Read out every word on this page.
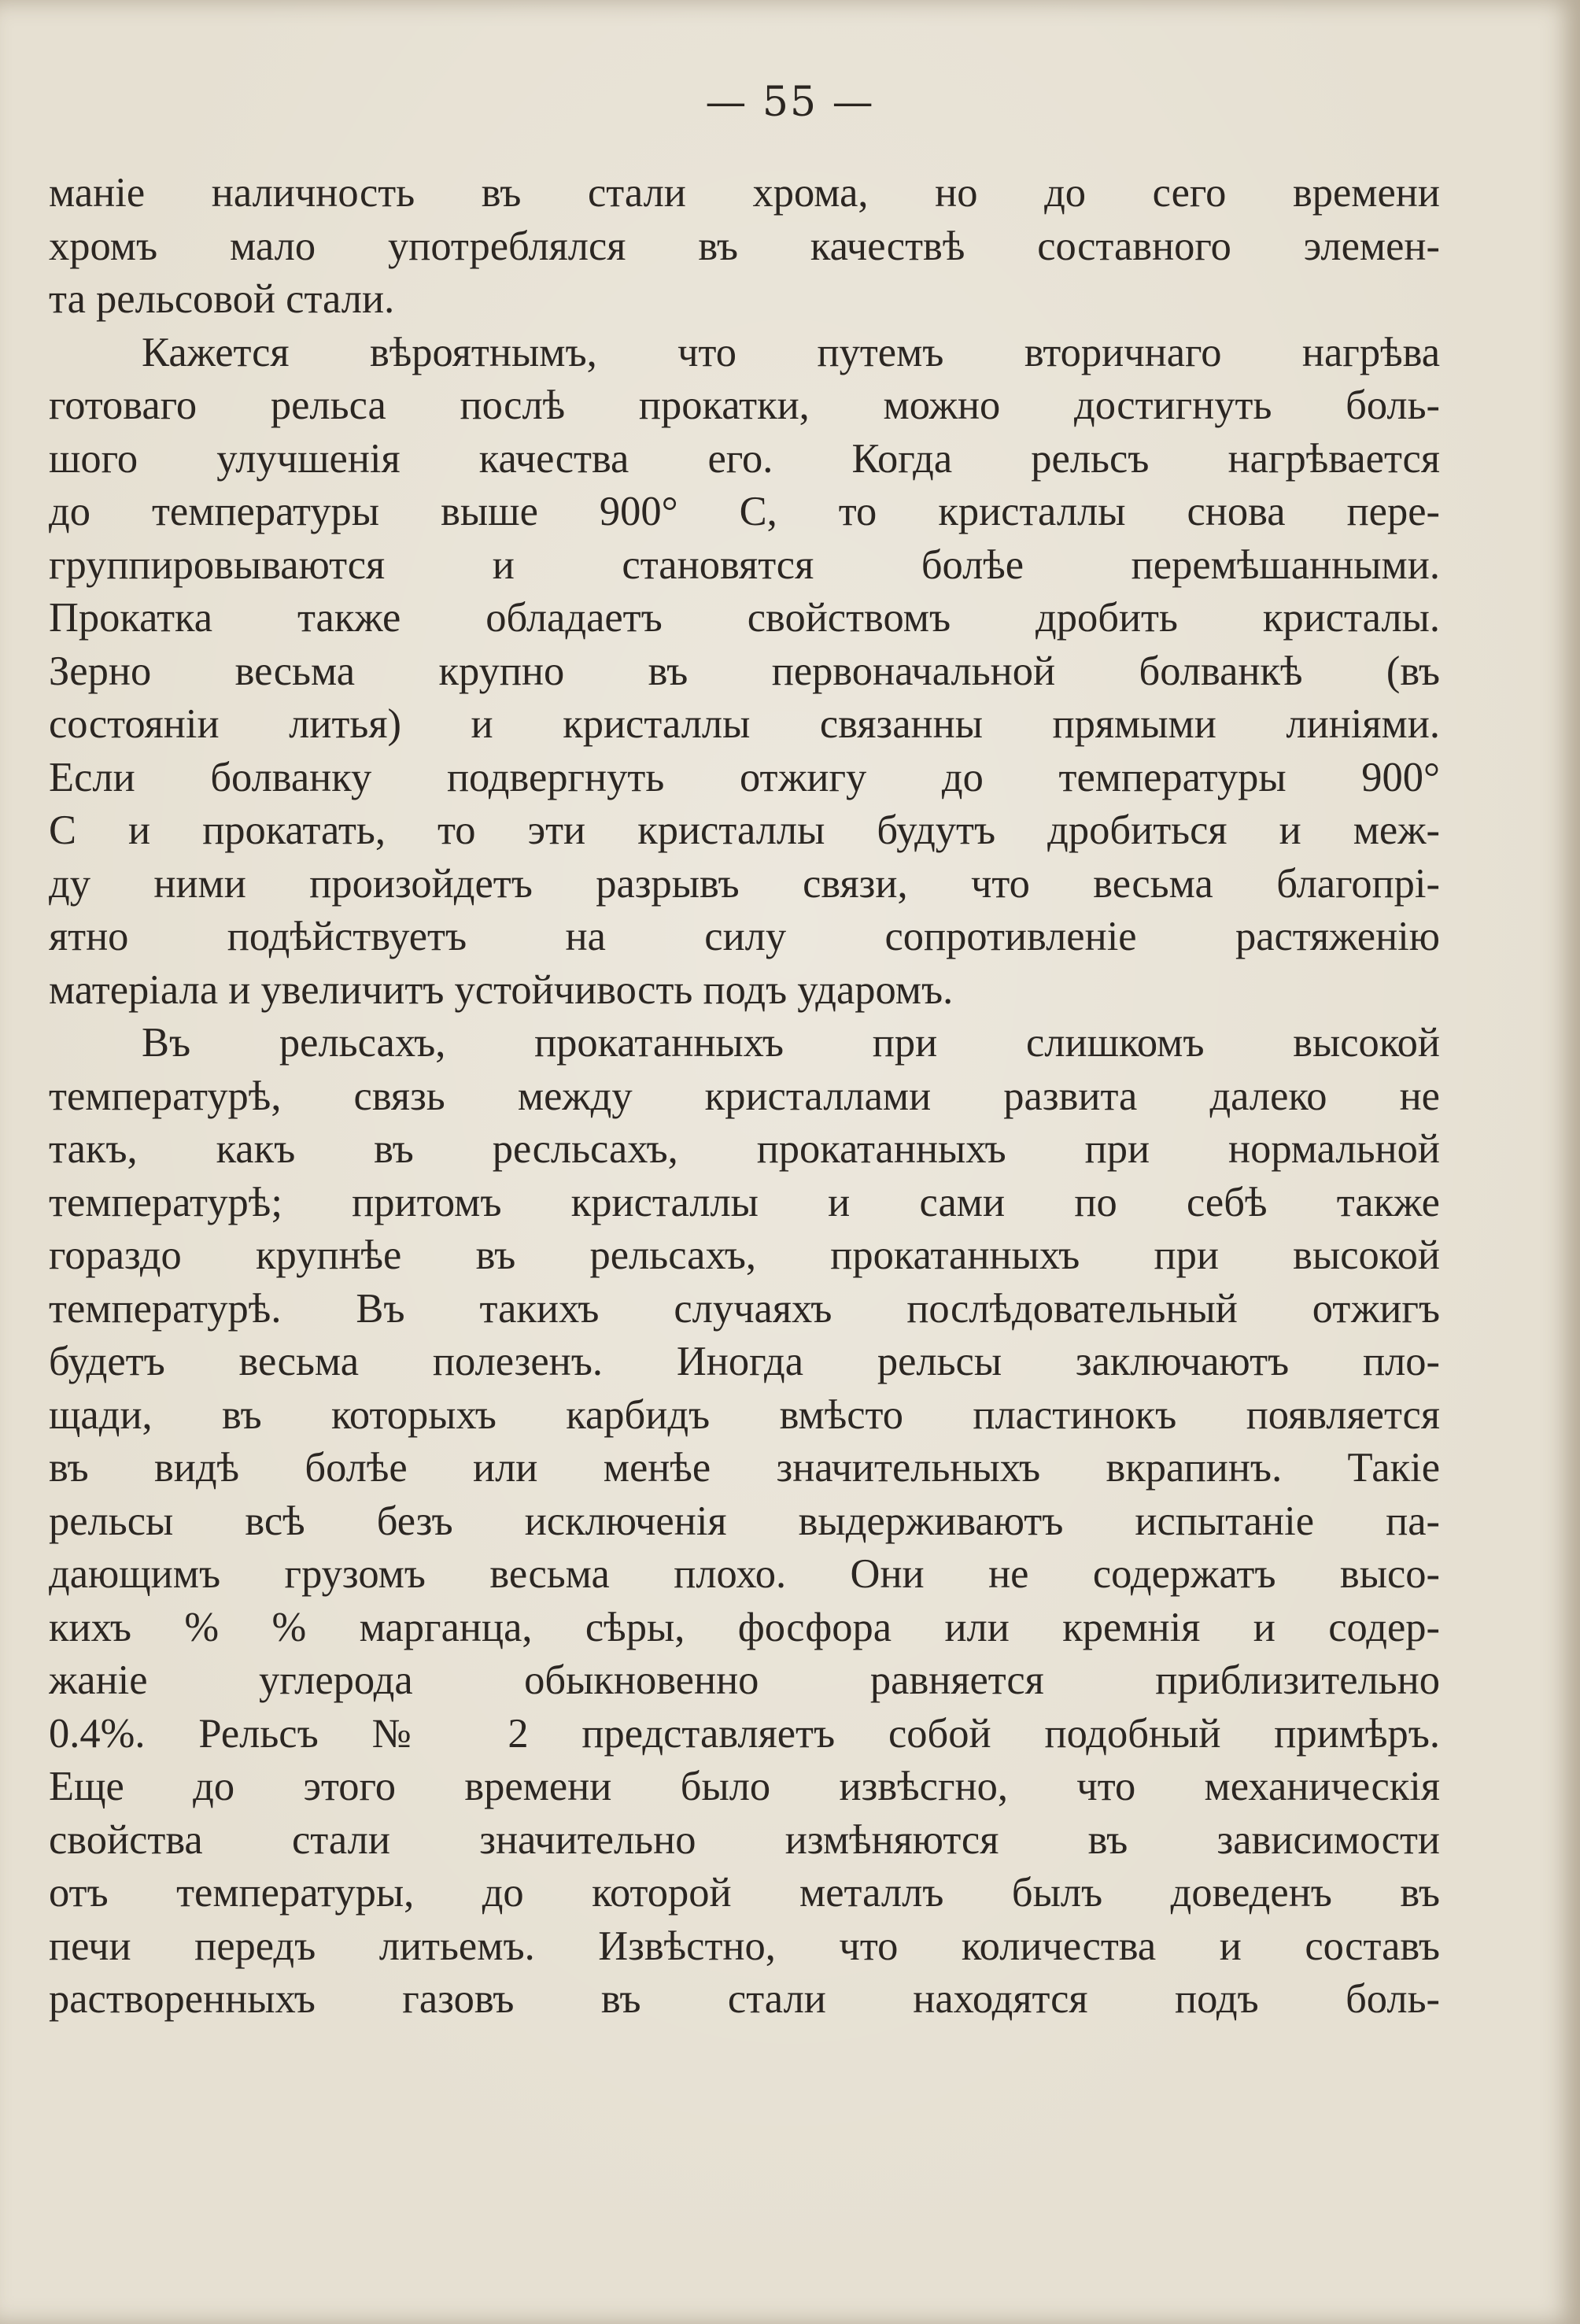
— 55 —
маніе наличность въ стали хрома, но до сего времени
хромъ мало употреблялся въ качествѣ составного элемен-
та рельсовой стали.
Кажется вѣроятнымъ, что путемъ вторичнаго нагрѣва
готоваго рельса послѣ прокатки, можно достигнуть боль-
шого улучшенія качества его. Когда рельсъ нагрѣвается
до температуры выше 900° С, то кристаллы снова пере-
группировываются и становятся болѣе перемѣшанными.
Прокатка также обладаетъ свойствомъ дробить кристалы.
Зерно весьма крупно въ первоначальной болванкѣ (въ
состояніи литья) и кристаллы связанны прямыми линіями.
Если болванку подвергнуть отжигу до температуры 900°
С и прокатать, то эти кристаллы будутъ дробиться и меж-
ду ними произойдетъ разрывъ связи, что весьма благопрі-
ятно подѣйствуетъ на силу сопротивленіе растяженію
матеріала и увеличитъ устойчивость подъ ударомъ.
Въ рельсахъ, прокатанныхъ при слишкомъ высокой
температурѣ, связь между кристаллами развита далеко не
такъ, какъ въ ресльсахъ, прокатанныхъ при нормальной
температурѣ; притомъ кристаллы и сами по себѣ также
гораздо крупнѣе въ рельсахъ, прокатанныхъ при высокой
температурѣ. Въ такихъ случаяхъ послѣдовательный отжигъ
будетъ весьма полезенъ. Иногда рельсы заключаютъ пло-
щади, въ которыхъ карбидъ вмѣсто пластинокъ появляется
въ видѣ болѣе или менѣе значительныхъ вкрапинъ. Такіе
рельсы всѣ безъ исключенія выдерживаютъ испытаніе па-
дающимъ грузомъ весьма плохо. Они не содержатъ высо-
кихъ % % марганца, сѣры, фосфора или кремнія и содер-
жаніе углерода обыкновенно равняется приблизительно
0.4%. Рельсъ № 2 представляетъ собой подобный примѣръ.
Еще до этого времени было извѣсгно, что механическія
свойства стали значительно измѣняются въ зависимости
отъ температуры, до которой металлъ былъ доведенъ въ
печи передъ литьемъ. Извѣстно, что количества и составъ
растворенныхъ газовъ въ стали находятся подъ боль-
